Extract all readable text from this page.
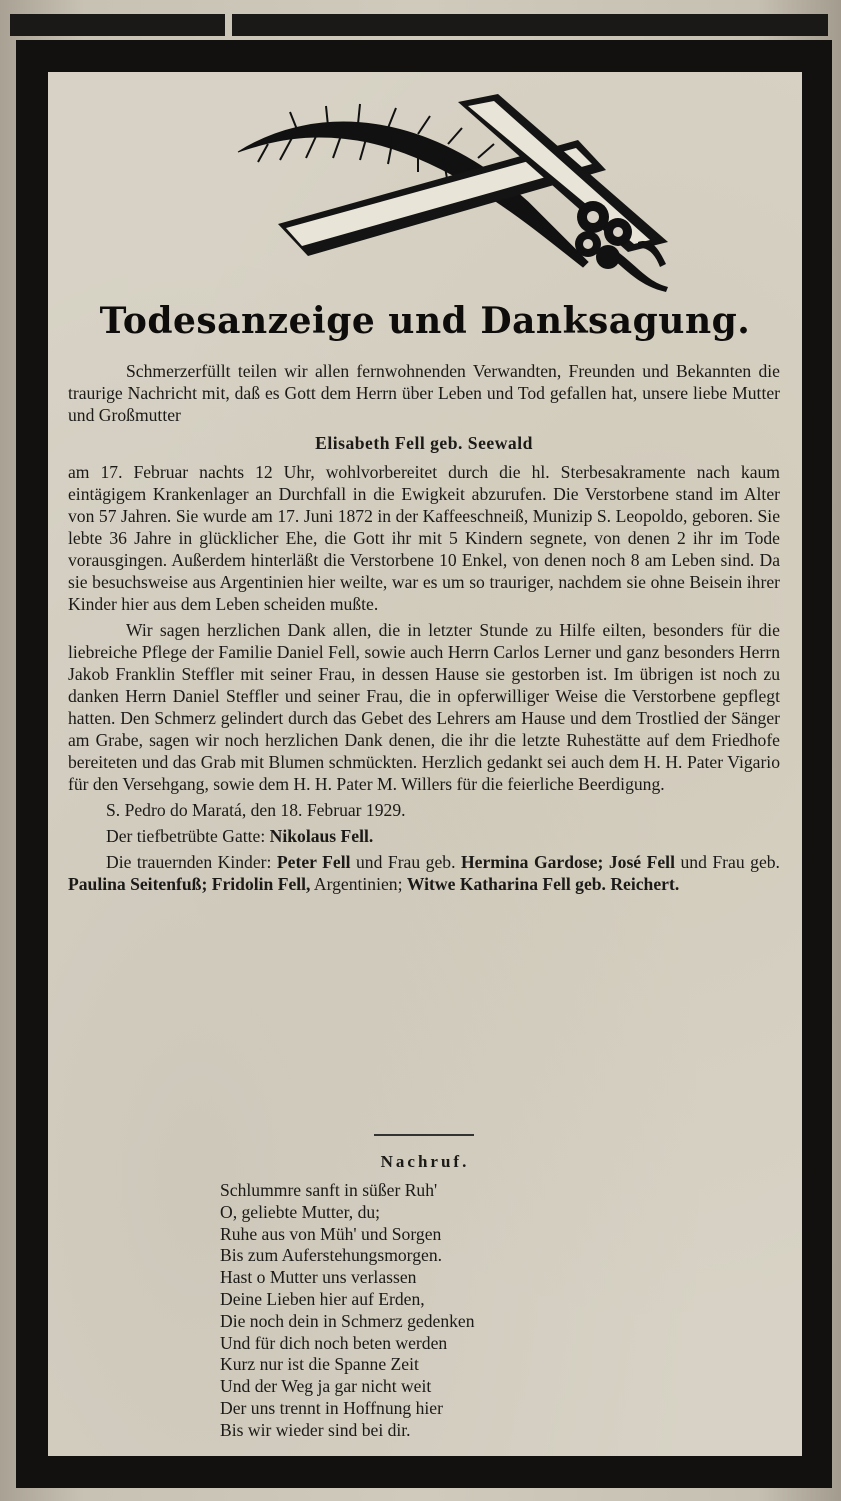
Todesanzeige und Danksagung.

Schmerzerfüllt teilen wir allen fernwohnenden Verwandten, Freunden und Bekannten die traurige Nachricht mit, daß es Gott dem Herrn über Leben und Tod gefallen hat, unsere liebe Mutter und Großmutter

Elisabeth Fell geb. Seewald

am 17. Februar nachts 12 Uhr, wohlvorbereitet durch die hl. Sterbesakramente nach kaum eintägigem Krankenlager an Durchfall in die Ewigkeit abzurufen. Die Verstorbene stand im Alter von 57 Jahren. Sie wurde am 17. Juni 1872 in der Kaffeeschneiß, Munizip S. Leopoldo, geboren. Sie lebte 36 Jahre in glücklicher Ehe, die Gott ihr mit 5 Kindern segnete, von denen 2 ihr im Tode vorausgingen. Außerdem hinterläßt die Verstorbene 10 Enkel, von denen noch 8 am Leben sind. Da sie besuchsweise aus Argentinien hier weilte, war es um so trauriger, nachdem sie ohne Beisein ihrer Kinder hier aus dem Leben scheiden mußte.

Wir sagen herzlichen Dank allen, die in letzter Stunde zu Hilfe eilten, besonders für die liebreiche Pflege der Familie Daniel Fell, sowie auch Herrn Carlos Lerner und ganz besonders Herrn Jakob Franklin Steffler mit seiner Frau, in dessen Hause sie gestorben ist. Im übrigen ist noch zu danken Herrn Daniel Steffler und seiner Frau, die in opferwilliger Weise die Verstorbene gepflegt hatten. Den Schmerz gelindert durch das Gebet des Lehrers am Hause und dem Trostlied der Sänger am Grabe, sagen wir noch herzlichen Dank denen, die ihr die letzte Ruhestätte auf dem Friedhofe bereiteten und das Grab mit Blumen schmückten. Herzlich gedankt sei auch dem H. H. Pater Vigario für den Versehgang, sowie dem H. H. Pater M. Willers für die feierliche Beerdigung.

S. Pedro do Maratá, den 18. Februar 1929.

Der tiefbetrübte Gatte: Nikolaus Fell.

Die trauernden Kinder: Peter Fell und Frau geb. Hermina Gardose; José Fell und Frau geb. Paulina Seitenfuß; Fridolin Fell, Argentinien; Witwe Katharina Fell geb. Reichert.

Nachruf.
Schlummre sanft in süßer Ruh'
O, geliebte Mutter, du;
Ruhe aus von Müh' und Sorgen
Bis zum Auferstehungsmorgen.
Hast o Mutter uns verlassen
Deine Lieben hier auf Erden,
Die noch dein in Schmerz gedenken
Und für dich noch beten werden
Kurz nur ist die Spanne Zeit
Und der Weg ja gar nicht weit
Der uns trennt in Hoffnung hier
Bis wir wieder sind bei dir.
